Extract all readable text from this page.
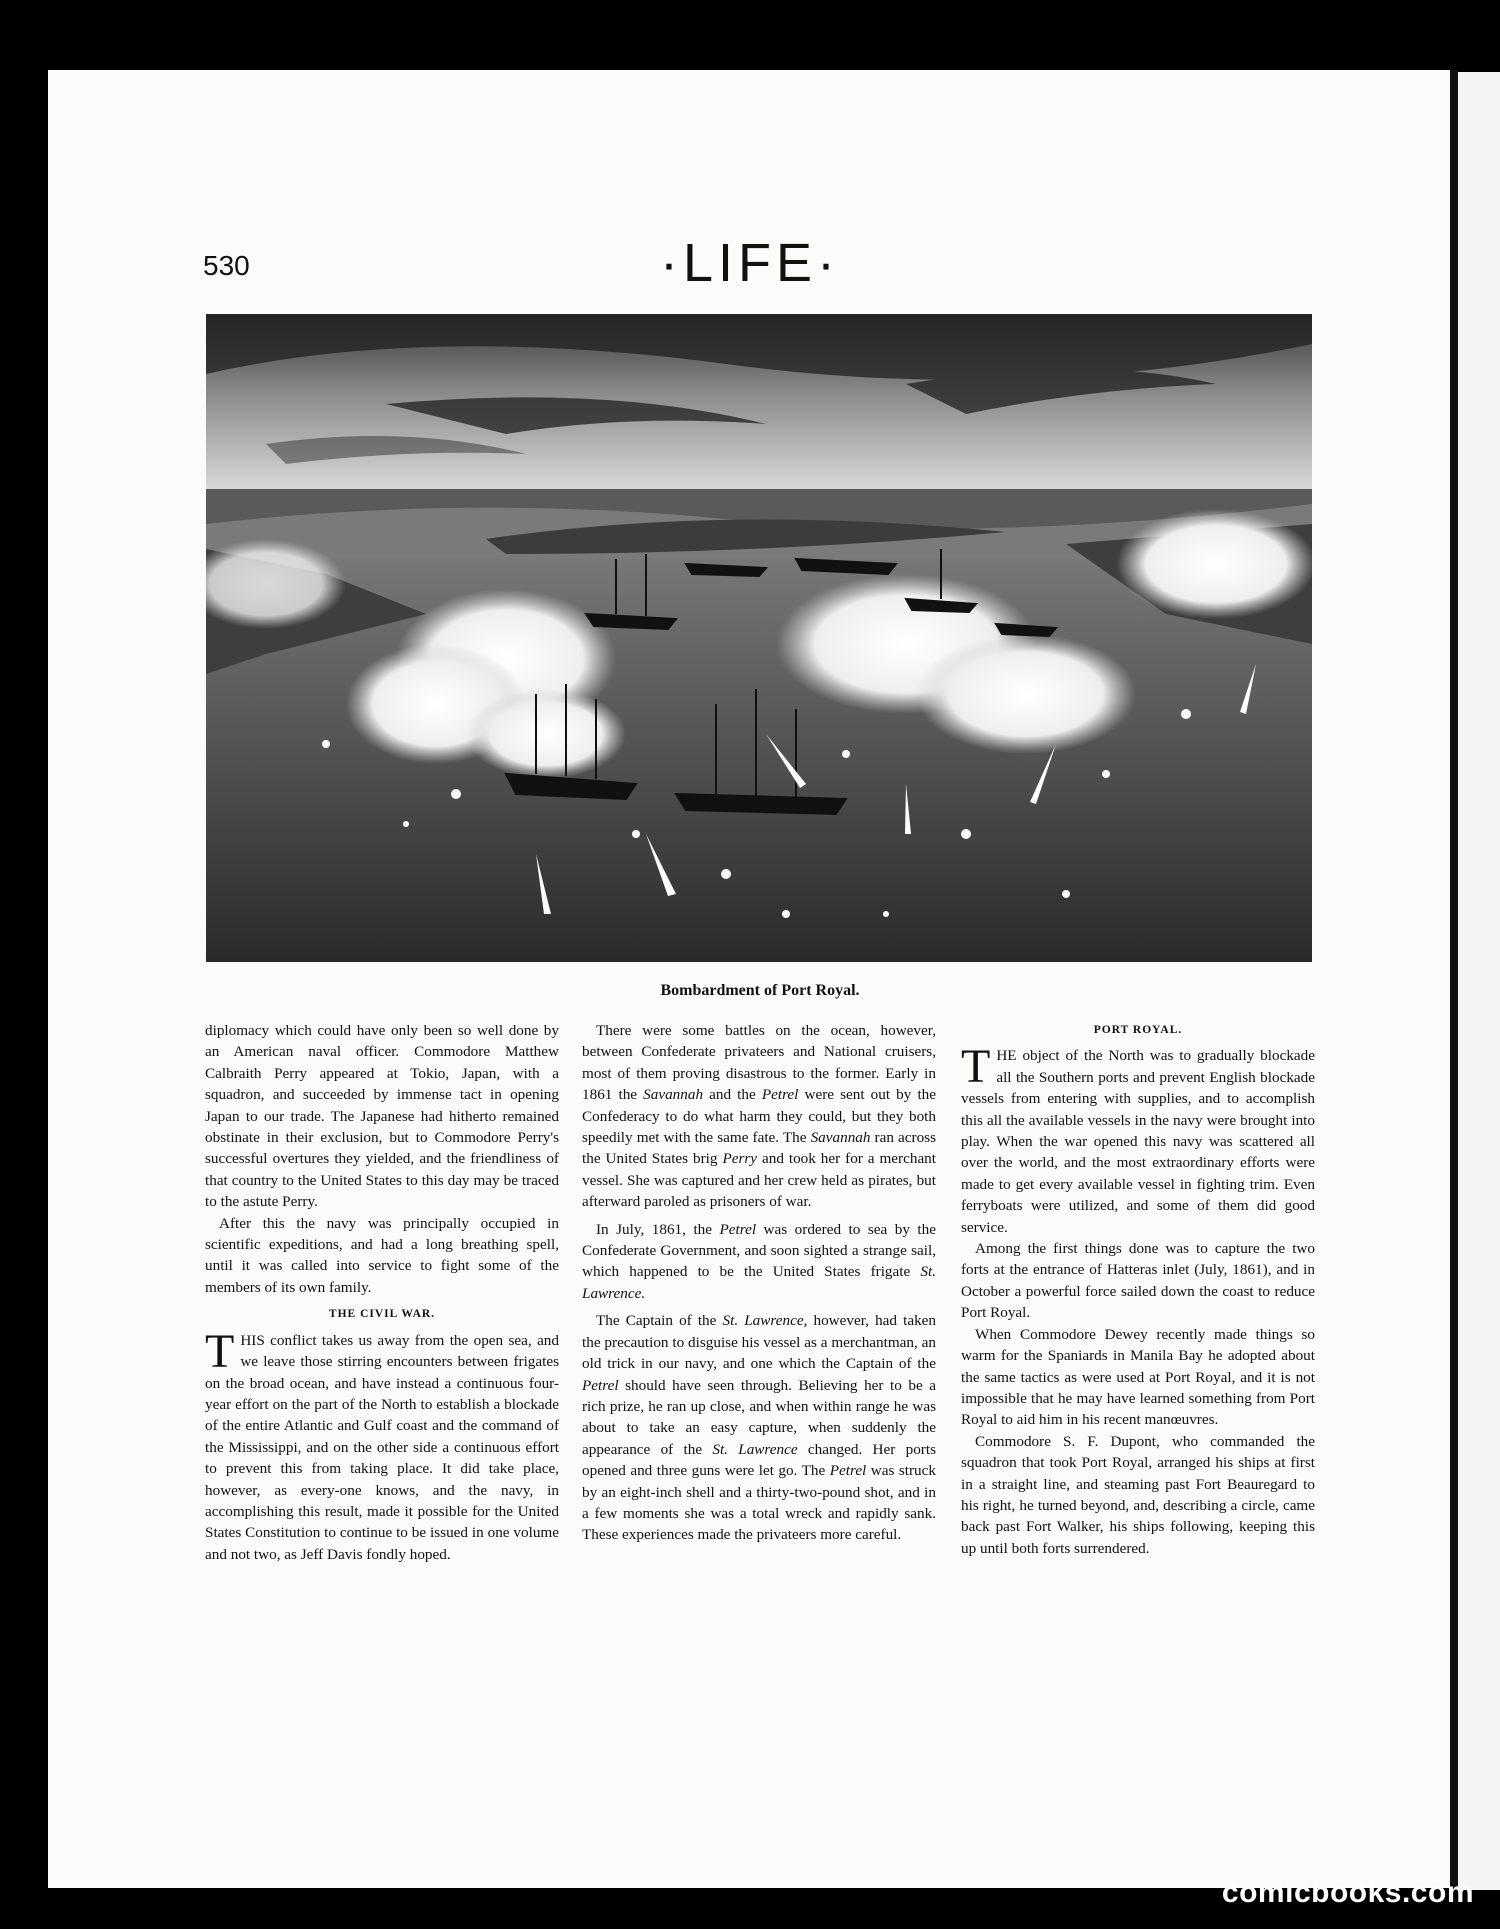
530	·LIFE·
Bombardment of Port Royal.

diplomacy which could have only been so well done by an American naval officer. Commodore Matthew Calbraith Perry appeared at Tokio, Japan, with a squadron, and succeeded by immense tact in opening Japan to our trade. The Japanese had hitherto remained obstinate in their exclusion, but to Commodore Perry's successful overtures they yielded, and the friendliness of that country to the United States to this day may be traced to the astute Perry.

After this the navy was principally occupied in scientific expeditions, and had a long breathing spell, until it was called into service to fight some of the members of its own family.

THE CIVIL WAR.

THIS conflict takes us away from the open sea, and we leave those stirring encounters between frigates on the broad ocean, and have instead a continuous four-year effort on the part of the North to establish a blockade of the entire Atlantic and Gulf coast and the command of the Mississippi, and on the other side a continuous effort to prevent this from taking place. It did take place, however, as every-one knows, and the navy, in accomplishing this result, made it possible for the United States Constitution to continue to be issued in one volume and not two, as Jeff Davis fondly hoped.

There were some battles on the ocean, however, between Confederate privateers and National cruisers, most of them proving disastrous to the former. Early in 1861 the Savannah and the Petrel were sent out by the Confederacy to do what harm they could, but they both speedily met with the same fate. The Savannah ran across the United States brig Perry and took her for a merchant vessel. She was captured and her crew held as pirates, but afterward paroled as prisoners of war.

In July, 1861, the Petrel was ordered to sea by the Confederate Government, and soon sighted a strange sail, which happened to be the United States frigate St. Lawrence.

The Captain of the St. Lawrence, however, had taken the precaution to disguise his vessel as a merchantman, an old trick in our navy, and one which the Captain of the Petrel should have seen through. Believing her to be a rich prize, he ran up close, and when within range he was about to take an easy capture, when suddenly the appearance of the St. Lawrence changed. Her ports opened and three guns were let go. The Petrel was struck by an eight-inch shell and a thirty-two-pound shot, and in a few moments she was a total wreck and rapidly sank. These experiences made the privateers more careful.

PORT ROYAL.

THE object of the North was to gradually blockade all the Southern ports and prevent English blockade vessels from entering with supplies, and to accomplish this all the available vessels in the navy were brought into play. When the war opened this navy was scattered all over the world, and the most extraordinary efforts were made to get every available vessel in fighting trim. Even ferryboats were utilized, and some of them did good service.

Among the first things done was to capture the two forts at the entrance of Hatteras inlet (July, 1861), and in October a powerful force sailed down the coast to reduce Port Royal.

When Commodore Dewey recently made things so warm for the Spaniards in Manila Bay he adopted about the same tactics as were used at Port Royal, and it is not impossible that he may have learned something from Port Royal to aid him in his recent manœuvres.

Commodore S. F. Dupont, who commanded the squadron that took Port Royal, arranged his ships at first in a straight line, and steaming past Fort Beauregard to his right, he turned beyond, and, describing a circle, came back past Fort Walker, his ships following, keeping this up until both forts surrendered.

comicbooks.com
